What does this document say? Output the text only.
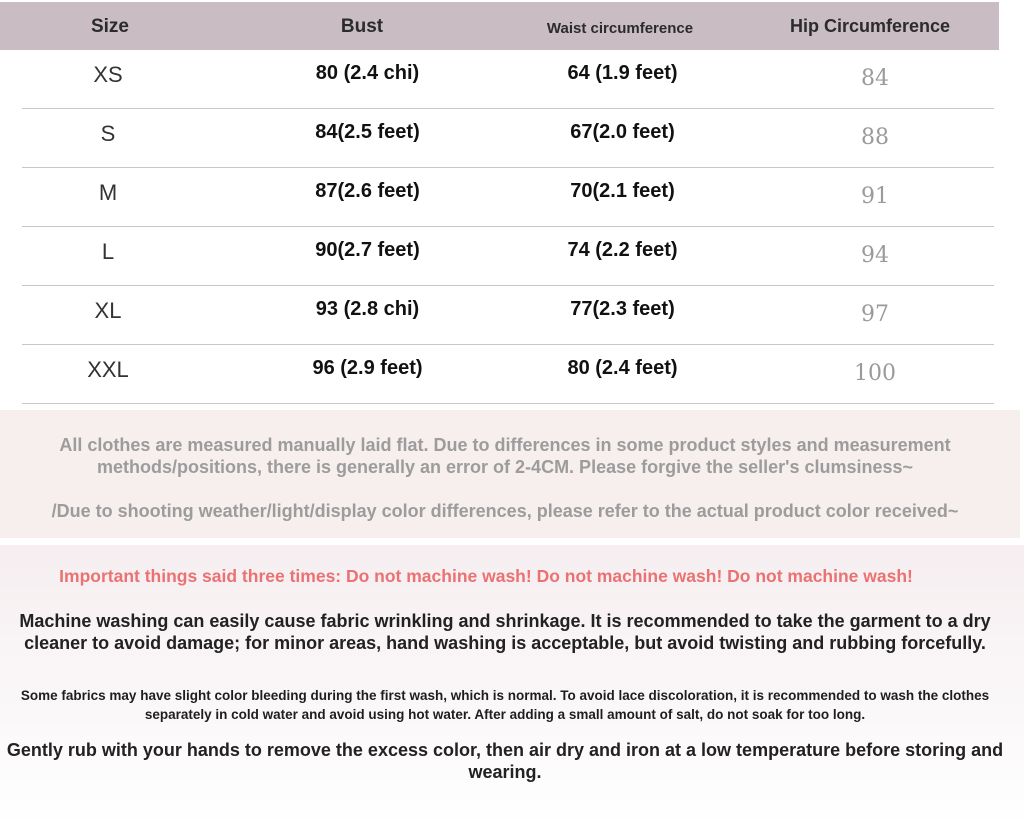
Size	Bust	Waist circumference	Hip Circumference
XS	80 (2.4 chi)	64 (1.9 feet)	84
S	84(2.5 feet)	67(2.0 feet)	88
M	87(2.6 feet)	70(2.1 feet)	91
L	90(2.7 feet)	74 (2.2 feet)	94
XL	93 (2.8 chi)	77(2.3 feet)	97
XXL	96 (2.9 feet)	80 (2.4 feet)	100
All clothes are measured manually laid flat. Due to differences in some product styles and measurement methods/positions, there is generally an error of 2-4CM. Please forgive the seller's clumsiness~
/Due to shooting weather/light/display color differences, please refer to the actual product color received~
Important things said three times: Do not machine wash! Do not machine wash! Do not machine wash!
Machine washing can easily cause fabric wrinkling and shrinkage. It is recommended to take the garment to a dry cleaner to avoid damage; for minor areas, hand washing is acceptable, but avoid twisting and rubbing forcefully.
Some fabrics may have slight color bleeding during the first wash, which is normal. To avoid lace discoloration, it is recommended to wash the clothes separately in cold water and avoid using hot water. After adding a small amount of salt, do not soak for too long.
Gently rub with your hands to remove the excess color, then air dry and iron at a low temperature before storing and wearing.
